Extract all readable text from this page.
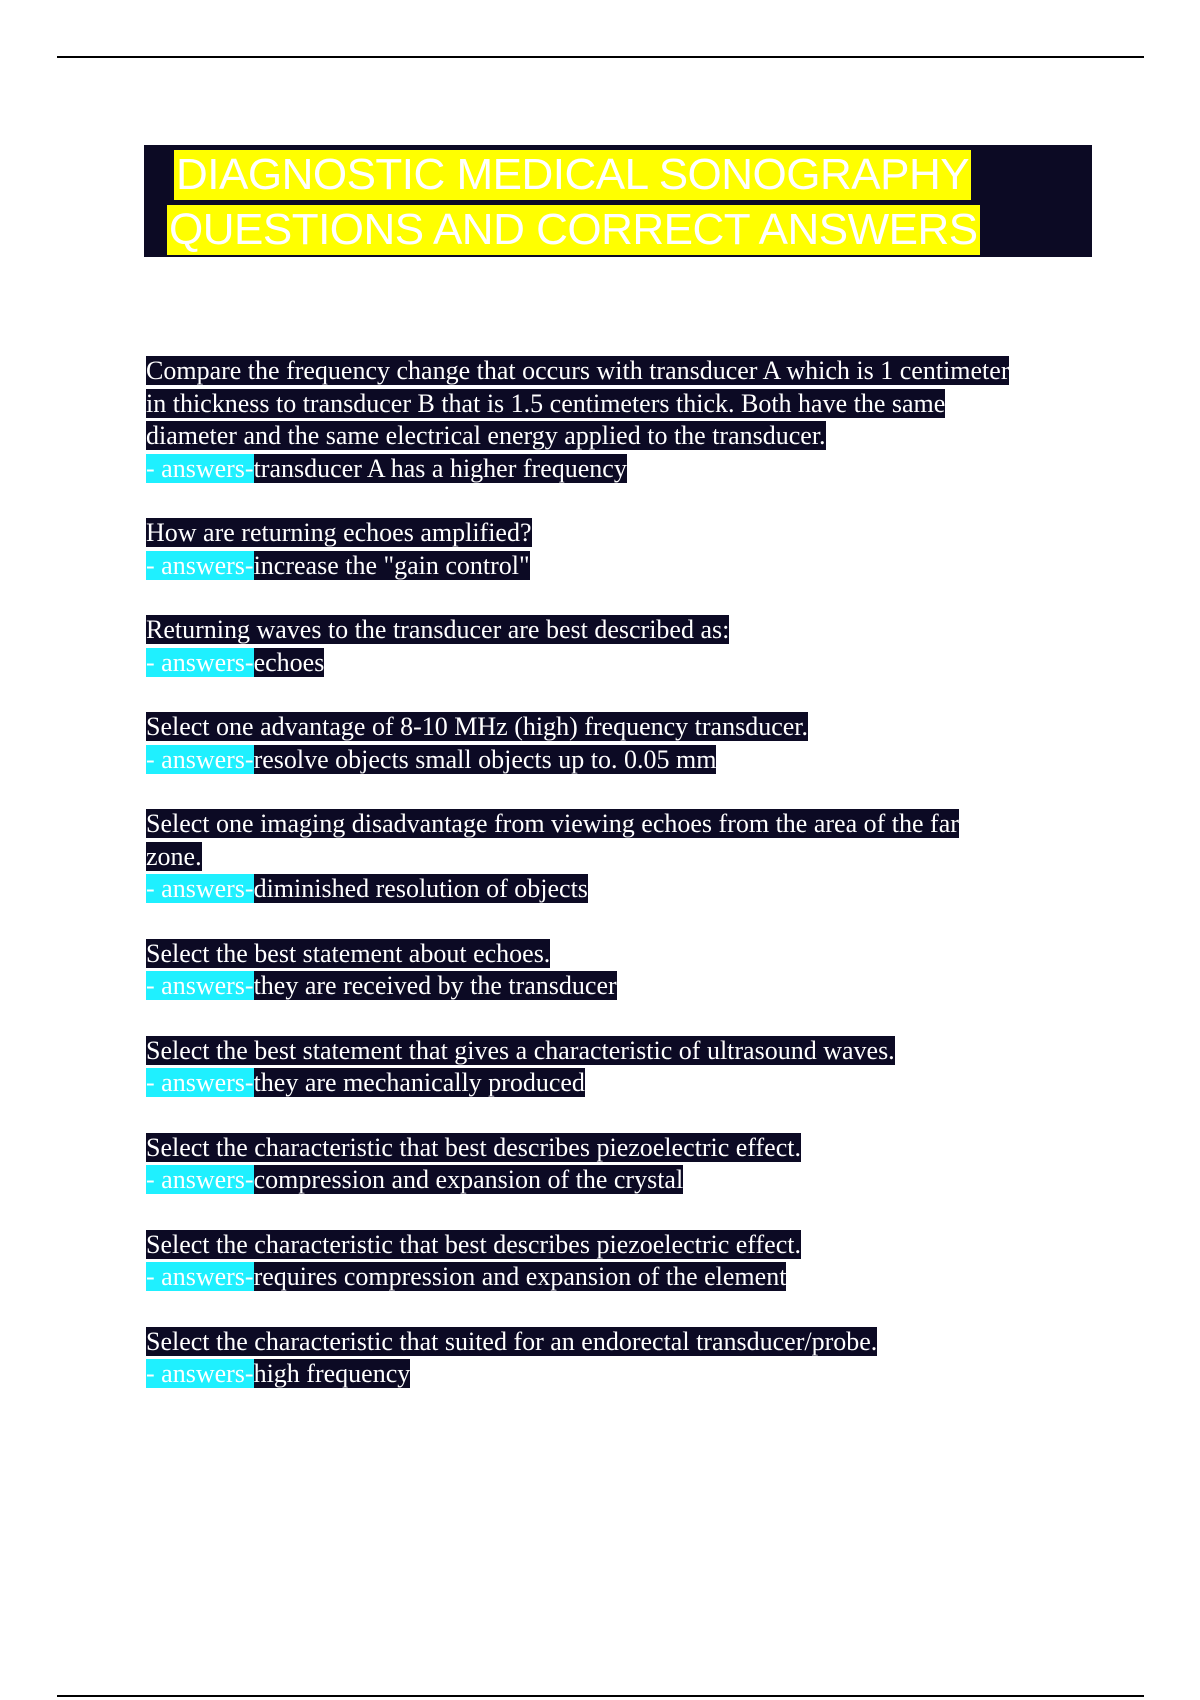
DIAGNOSTIC MEDICAL SONOGRAPHY
QUESTIONS AND CORRECT ANSWERS
Compare the frequency change that occurs with transducer A which is 1 centimeter
in thickness to transducer B that is 1.5 centimeters thick. Both have the same
diameter and the same electrical energy applied to the transducer.
- answers-transducer A has a higher frequency
How are returning echoes amplified?
- answers-increase the "gain control"
Returning waves to the transducer are best described as:
- answers-echoes
Select one advantage of 8-10 MHz (high) frequency transducer.
- answers-resolve objects small objects up to. 0.05 mm
Select one imaging disadvantage from viewing echoes from the area of the far
zone.
- answers-diminished resolution of objects
Select the best statement about echoes.
- answers-they are received by the transducer
Select the best statement that gives a characteristic of ultrasound waves.
- answers-they are mechanically produced
Select the characteristic that best describes piezoelectric effect.
- answers-compression and expansion of the crystal
Select the characteristic that best describes piezoelectric effect.
- answers-requires compression and expansion of the element
Select the characteristic that suited for an endorectal transducer/probe.
- answers-high frequency
